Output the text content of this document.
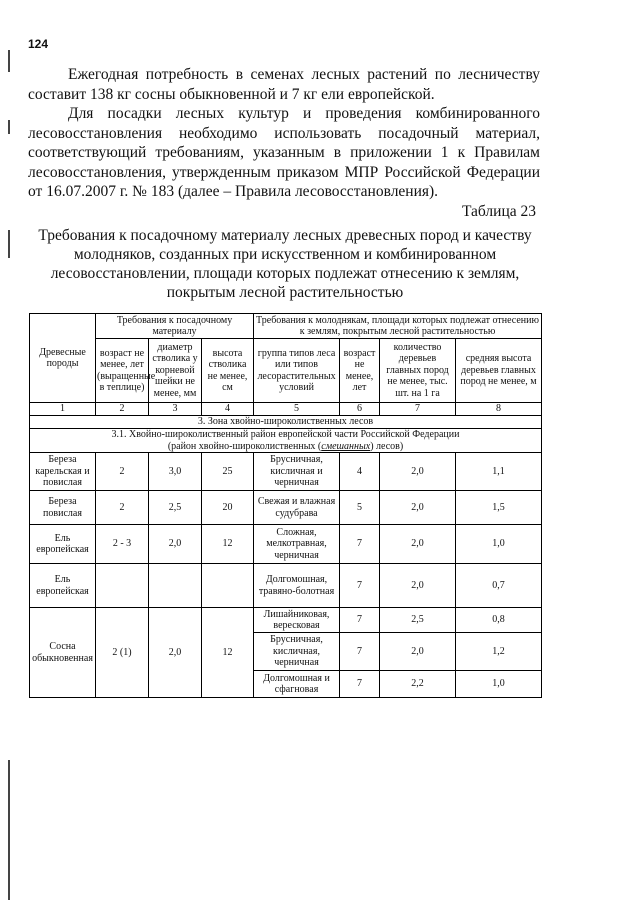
124

Ежегодная потребность в семенах лесных растений по лесничеству составит 138 кг сосны обыкновенной и 7 кг ели европейской.

Для посадки лесных культур и проведения комбинированного лесовосстановления необходимо использовать посадочный материал, соответствующий требованиям, указанным в приложении 1 к Правилам лесовосстановления, утвержденным приказом МПР Российской Федерации от 16.07.2007 г. № 183 (далее – Правила лесовосстановления).

Таблица 23

Требования к посадочному материалу лесных древесных пород и качеству молодняков, созданных при искусственном и комбинированном лесовосстановлении, площади которых подлежат отнесению к землям, покрытым лесной растительностью

Древесные породы	Требования к посадочному материалу			Требования к молоднякам, площади которых подлежат отнесению к землям, покрытым лесной растительностью			
	возраст не менее, лет (выращенные в теплице)	диаметр стволика у корневой шейки не менее, мм	высота стволика не менее, см	группа типов леса или типов лесорастительных условий	возраст не менее, лет	количество деревьев главных пород не менее, тыс. шт. на 1 га	средняя высота деревьев главных пород не менее, м
1	2	3	4	5	6	7	8
3. Зона хвойно-широколиственных лесов							
3.1. Хвойно-широколиственный район европейской части Российской Федерации
(район хвойно-широколиственных (смешанных) лесов)							
Береза карельская и повислая	2	3,0	25	Брусничная, кисличная и черничная	4	2,0	1,1
Береза повислая	2	2,5	20	Свежая и влажная судубрава	5	2,0	1,5
Ель европейская	2 - 3	2,0	12	Сложная, мелкотравная, черничная	7	2,0	1,0
Ель европейская				Долгомошная, травяно-болотная	7	2,0	0,7
Сосна обыкновенная	2 (1)	2,0	12	Лишайниковая, вересковая	7	2,5	0,8
				Брусничная, кисличная, черничная	7	2,0	1,2
				Долгомошная и сфагновая	7	2,2	1,0
